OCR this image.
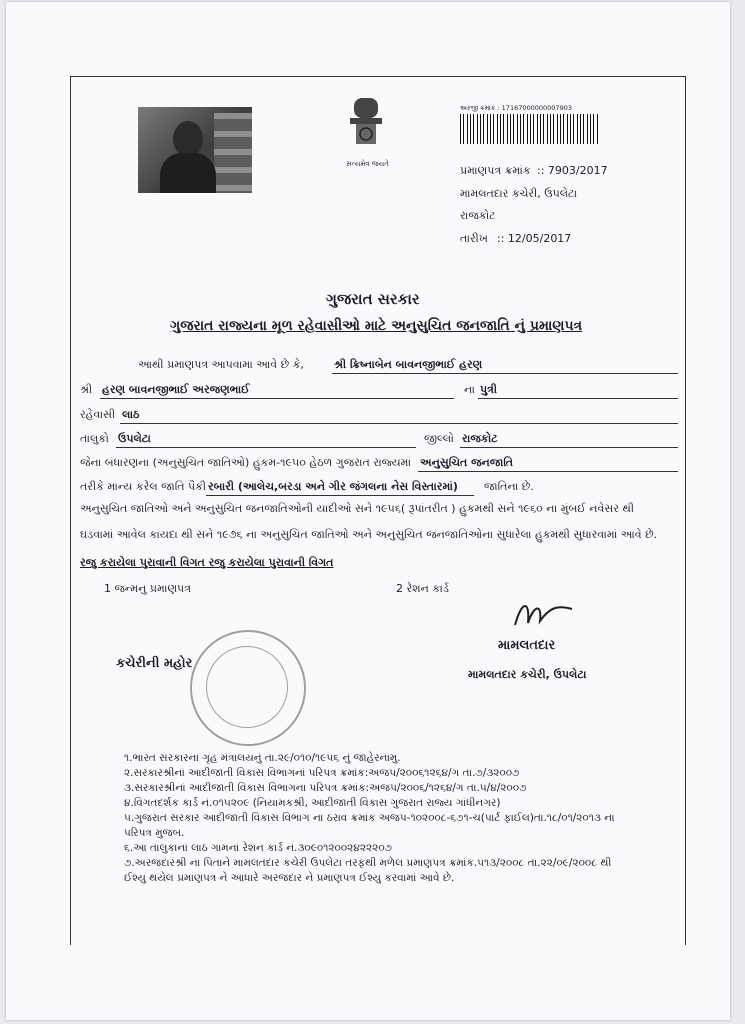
સત્યમેવ જયતે
અરજી ક્રમાંક : 17167000000007903
પ્રમાણપત્ર ક્રમાંક :: 7903/2017
મામલતદાર કચેરી, ઉપલેટા
રાજકોટ
તારીખ :: 12/05/2017
ગુજરાત સરકાર
ગુજરાત રાજ્યના મૂળ રહેવાસીઓ માટે અનુસુચિત જનજાતિ નું પ્રમાણપત્ર
આથી પ્રમાણપત્ર આપવામા આવે છે કે,	શ્રી ક્રિષ્નાબેન બાવનજીભાઈ હરણ
શ્રી હરણ બાવનજીભાઈ અરજણભાઈ	ના પુત્રી
રહેવાસી લાઠ
તાલુકો ઉપલેટા	જીલ્લો રાજકોટ
જેના બંધારણના (અનુસુચિત જાતિઓ) હુકમ-૧૯૫૦ હેઠળ ગુજરાત રાજ્યમાં અનુસુચિત જનજાતિ
તરીકે માન્ય કરેલ જાતિ પૈકી રબારી (આલેચ,બરડા અને ગીર જંગલના નેસ વિસ્તારમાં) જાતિના છે.
અનુસુચિત જાતિઓ અને અનુસુચિત જનજાતિઓની યાદીઓ સને ૧૯૫૬( રૂપાંતરીત ) હુકમથી સને ૧૯૬૦ ના મુંબઈ નવેસર થી ઘડવામાં આવેલ કાયદા થી સને ૧૯૭૬ ના અનુસુચિત જાતિઓ અને અનુસુચિત જનજાતિઓના સુધારેલા હુકમથી સુધારવામાં આવે છે.
રજુ કરાયેલા પુરાવાની વિગત રજુ કરાયેલા પુરાવાની વિગત
1 જન્મનુ પ્રમાણપત્ર	2 રેશન કાર્ડ
મામલતદાર
મામલતદાર કચેરી, ઉપલેટા
કચેરીની મહોર
૧.ભારત સરકારના ગૃહ મંત્રાલયનું તા.૨૯/૦૧૦/૧૯૫૬ નું જાહેરનામુ.
૨.સરકારશ્રીનાં આદીજાતી વિકાસ વિભાગનાં પરિપત્ર ક્રમાંક:અજપ/૨૦૦૬૧૨૬૪/ગ તા.૭/૩૨૦૦૭
૩.સરકારશ્રીનાં આદીજાતી વિકાસ વિભાગના પરિપત્ર ક્રમાંક:અજપ/૨૦૦૬/૧૨૬૪/ગ તા.૫/૪/૨૦૦૭
૪.વિગતદર્શક કાર્ડ નં.૦૧૫૨૦૯ (નિયામકશ્રી, આદીજાતી વિકાસ ગુજરાત રાજ્ય ગાંધીનગર)
૫.ગુજરાત સરકાર આદીજાતી વિકાસ વિભાગ ના ઠરાવ ક્રમાંક અજપ-૧૦૨૦૦૮-૬૭૧-ચ(પાર્ટ ફાઈલ)તા.૧૮/૦૧/૨૦૧૩ ના
પરિપત્ર મુજબ.
૬.આ તાલુકાનાં લાઠ ગામનાં રેશન કાર્ડ નં.૩૦૯૦૧૨૦૦૨૪૨૨૨૦૭
૭.અરજદારશ્રી ના પિતાને મામલતદાર કચેરી ઉપલેટા તરફથી મળેલ પ્રમાણપત્ર ક્રમાંક.૫૧૩/૨૦૦૮ તા.૨૨/૦૯/૨૦૦૮ થી
ઈશ્યુ થયેલ પ્રમાણપત્ર ને આધારે અરજદાર ને પ્રમાણપત્ર ઈશ્યુ કરવામાં આવે છે.
